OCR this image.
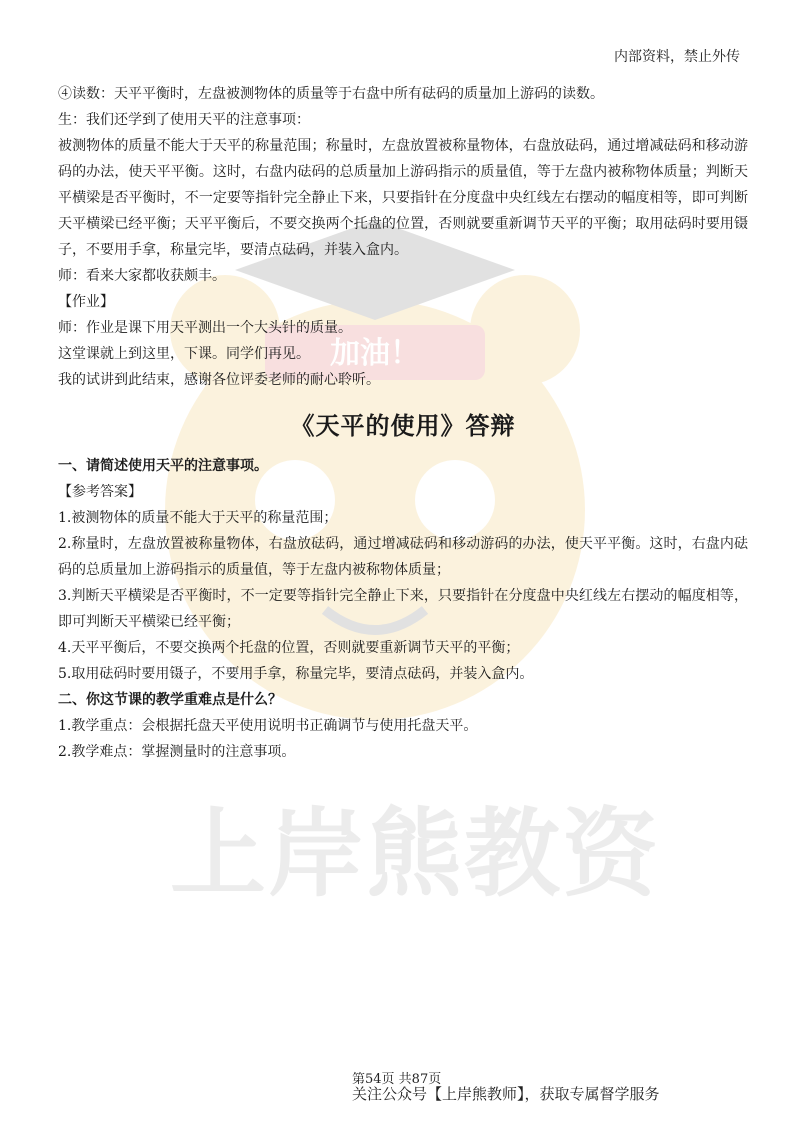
加油！
上岸熊教资
内部资料，禁止外传

④读数：天平平衡时，左盘被测物体的质量等于右盘中所有砝码的质量加上游码的读数。

生：我们还学到了使用天平的注意事项：

被测物体的质量不能大于天平的称量范围；称量时，左盘放置被称量物体，右盘放砝码，通过增减砝码和移动游码的办法，使天平平衡。这时，右盘内砝码的总质量加上游码指示的质量值，等于左盘内被称物体质量；判断天平横梁是否平衡时，不一定要等指针完全静止下来，只要指针在分度盘中央红线左右摆动的幅度相等，即可判断天平横梁已经平衡；天平平衡后，不要交换两个托盘的位置，否则就要重新调节天平的平衡；取用砝码时要用镊子，不要用手拿，称量完毕，要清点砝码，并装入盒内。

师：看来大家都收获颇丰。

【作业】

师：作业是课下用天平测出一个大头针的质量。

这堂课就上到这里，下课。同学们再见。

我的试讲到此结束，感谢各位评委老师的耐心聆听。

《天平的使用》答辩

一、请简述使用天平的注意事项。

【参考答案】

1.被测物体的质量不能大于天平的称量范围；

2.称量时，左盘放置被称量物体，右盘放砝码，通过增减砝码和移动游码的办法，使天平平衡。这时，右盘内砝码的总质量加上游码指示的质量值，等于左盘内被称物体质量；

3.判断天平横梁是否平衡时，不一定要等指针完全静止下来，只要指针在分度盘中央红线左右摆动的幅度相等，即可判断天平横梁已经平衡；

4.天平平衡后，不要交换两个托盘的位置，否则就要重新调节天平的平衡；

5.取用砝码时要用镊子，不要用手拿，称量完毕，要清点砝码，并装入盒内。

二、你这节课的教学重难点是什么？

1.教学重点：会根据托盘天平使用说明书正确调节与使用托盘天平。

2.教学难点：掌握测量时的注意事项。

第54页 共87页
关注公众号【上岸熊教师】，获取专属督学服务
